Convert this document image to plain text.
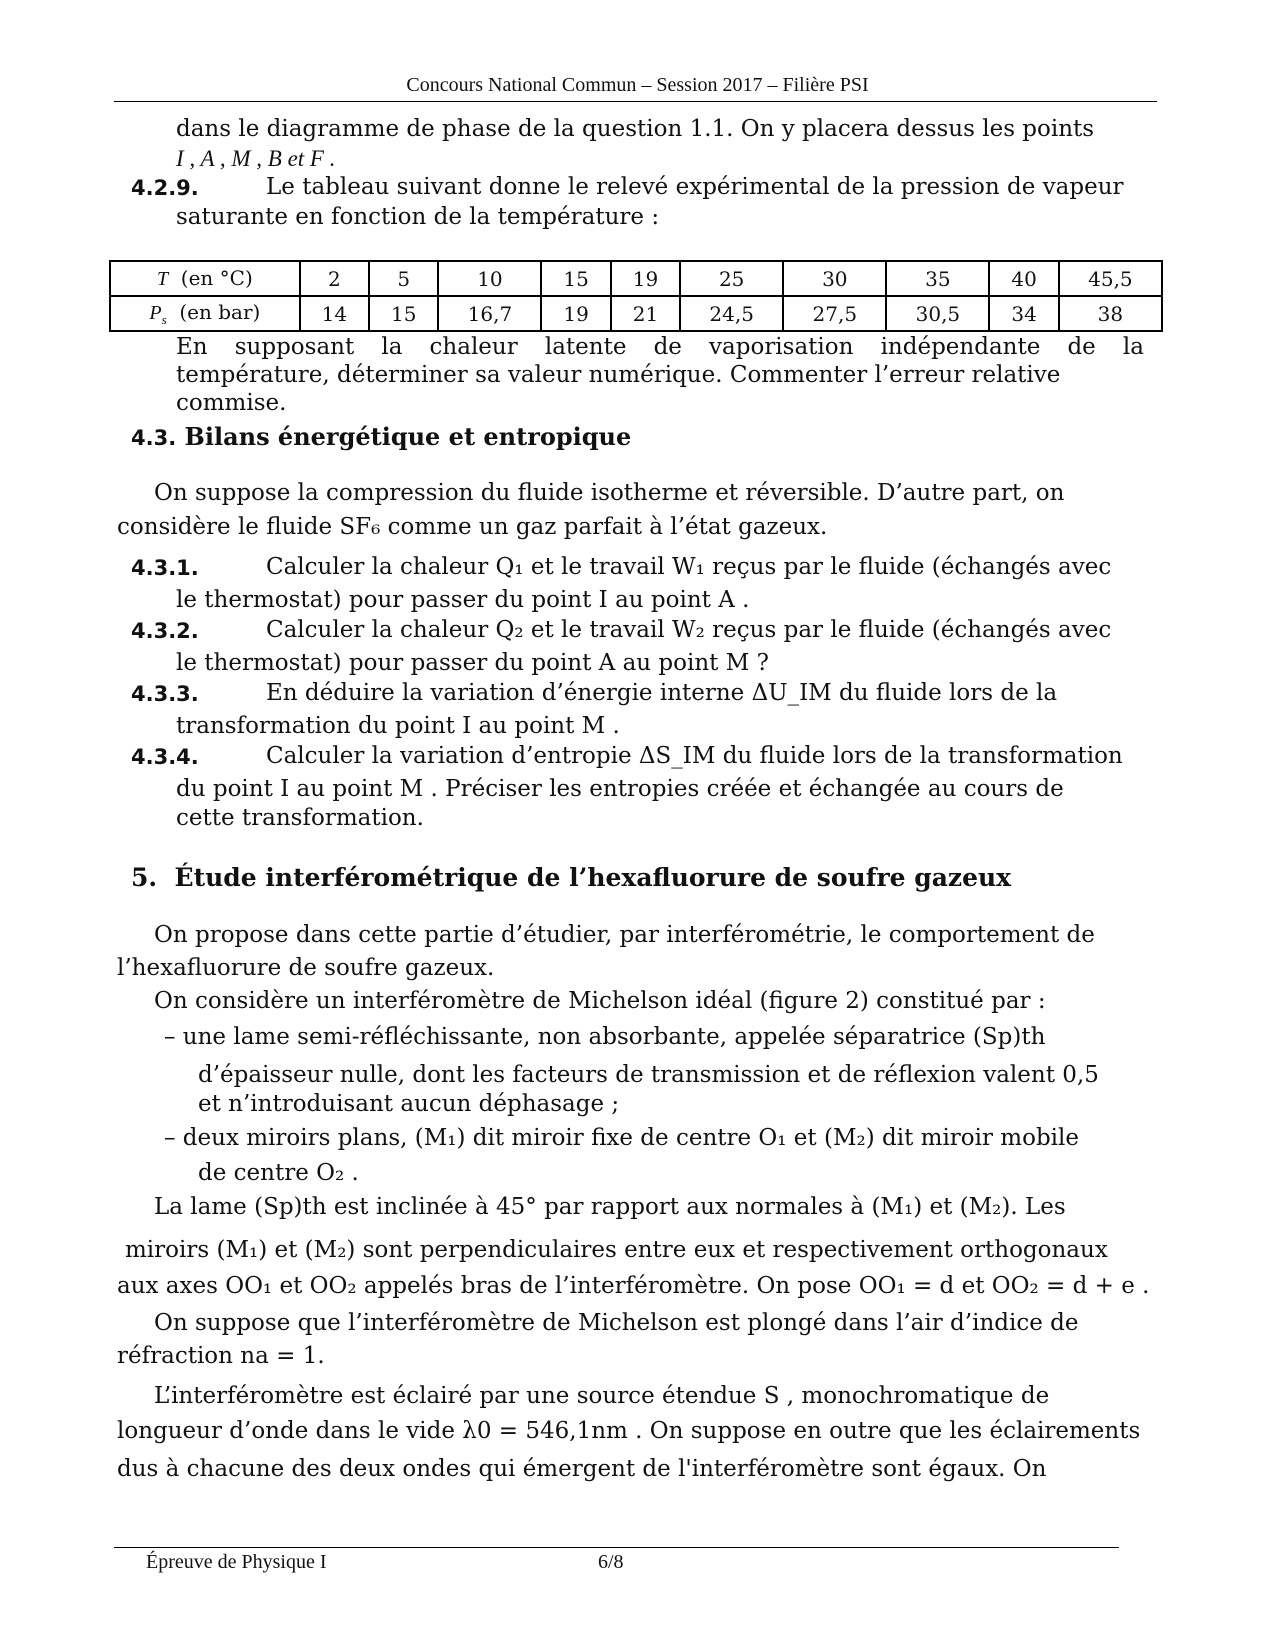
Concours National Commun – Session 2017 – Filière PSI
dans le diagramme de phase de la question 1.1. On y placera dessus les points
I , A , M , B et F .
4.2.9.	Le tableau suivant donne le relevé expérimental de la pression de vapeur
saturante en fonction de la température :
T (en °C)	2	5	10	15	19	25	30	35	40	45,5
$P_s$ (en bar)	14	15	16,7	19	21	24,5	27,5	30,5	34	38
En supposant la chaleur latente de vaporisation indépendante de la
température, déterminer sa valeur numérique. Commenter l’erreur relative
commise.
4.3. Bilans énergétique et entropique
On suppose la compression du fluide isotherme et réversible. D’autre part, on
considère le fluide SF₆ comme un gaz parfait à l’état gazeux.
4.3.1.	Calculer la chaleur Q₁ et le travail W₁ reçus par le fluide (échangés avec
le thermostat) pour passer du point I au point A .
4.3.2.	Calculer la chaleur Q₂ et le travail W₂ reçus par le fluide (échangés avec
le thermostat) pour passer du point A au point M ?
4.3.3.	En déduire la variation d’énergie interne ΔU_IM du fluide lors de la
transformation du point I au point M .
4.3.4.	Calculer la variation d’entropie ΔS_IM du fluide lors de la transformation
du point I au point M . Préciser les entropies créée et échangée au cours de
cette transformation.
5. Étude interférométrique de l’hexafluorure de soufre gazeux
On propose dans cette partie d’étudier, par interférométrie, le comportement de
l’hexafluorure de soufre gazeux.
On considère un interféromètre de Michelson idéal (figure 2) constitué par :
– une lame semi-réfléchissante, non absorbante, appelée séparatrice (Sp)th
d’épaisseur nulle, dont les facteurs de transmission et de réflexion valent 0,5
et n’introduisant aucun déphasage ;
– deux miroirs plans, (M₁) dit miroir fixe de centre O₁ et (M₂) dit miroir mobile
de centre O₂ .
La lame (Sp)th est inclinée à 45° par rapport aux normales à (M₁) et (M₂). Les
miroirs (M₁) et (M₂) sont perpendiculaires entre eux et respectivement orthogonaux
aux axes OO₁ et OO₂ appelés bras de l’interféromètre. On pose OO₁ = d et OO₂ = d + e .
On suppose que l’interféromètre de Michelson est plongé dans l’air d’indice de
réfraction na = 1.
L’interféromètre est éclairé par une source étendue S , monochromatique de
longueur d’onde dans le vide λ0 = 546,1nm . On suppose en outre que les éclairements
dus à chacune des deux ondes qui émergent de l'interféromètre sont égaux. On
Épreuve de Physique I	6/8
